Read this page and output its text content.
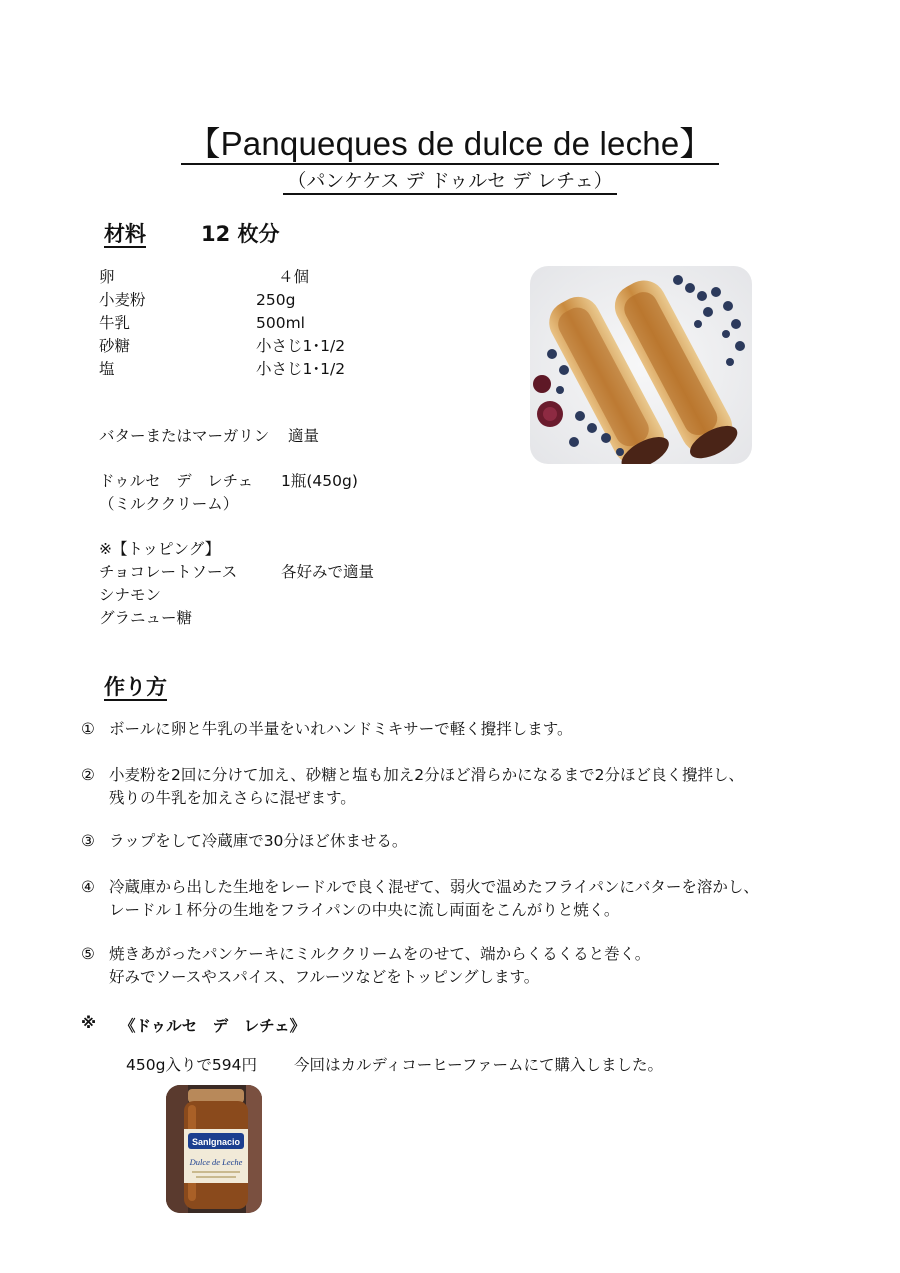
【Panqueques de dulce de leche】
（パンケケス デ ドゥルセ デ レチェ）
材料	12 枚分
卵	４個
小麦粉	250g
牛乳	500ml
砂糖	小さじ1･1/2
塩	小さじ1･1/2
バターまたはマーガリン 適量
ドゥルセ　デ　レチェ 1瓶(450g)
（ミルククリーム）
※【トッピング】
チョコレートソース	各好みで適量
シナモン
グラニュー糖
作り方
① ボールに卵と牛乳の半量をいれハンドミキサーで軽く攪拌します。
② 小麦粉を2回に分けて加え、砂糖と塩も加え2分ほど滑らかになるまで2分ほど良く攪拌し、
残りの牛乳を加えさらに混ぜます。
③ ラップをして冷蔵庫で30分ほど休ませる。
④ 冷蔵庫から出した生地をレードルで良く混ぜて、弱火で温めたフライパンにバターを溶かし、
レードル１杯分の生地をフライパンの中央に流し両面をこんがりと焼く。
⑤ 焼きあがったパンケーキにミルククリームをのせて、端からくるくると巻く。
好みでソースやスパイス、フルーツなどをトッピングします。
※ 《ドゥルセ　デ　レチェ》
450g入りで594円 今回はカルディコーヒーファームにて購入しました。
SanIgnacio
Dulce de Leche
